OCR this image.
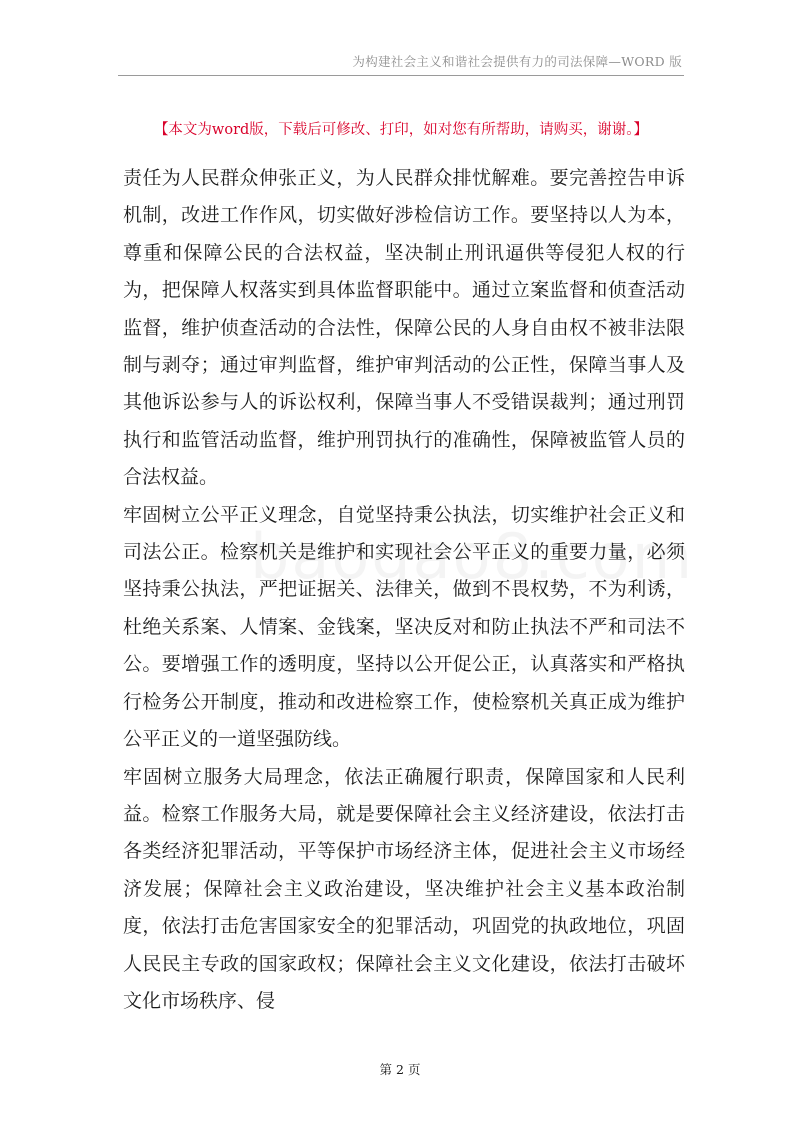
为构建社会主义和谐社会提供有力的司法保障—WORD 版
【本文为word版，下载后可修改、打印，如对您有所帮助，请购买，谢谢。】

责任为人民群众伸张正义，为人民群众排忧解难。要完善控告申诉机制，改进工作作风，切实做好涉检信访工作。要坚持以人为本，尊重和保障公民的合法权益，坚决制止刑讯逼供等侵犯人权的行为，把保障人权落实到具体监督职能中。通过立案监督和侦查活动监督，维护侦查活动的合法性，保障公民的人身自由权不被非法限制与剥夺；通过审判监督，维护审判活动的公正性，保障当事人及其他诉讼参与人的诉讼权利，保障当事人不受错误裁判；通过刑罚执行和监管活动监督，维护刑罚执行的准确性，保障被监管人员的合法权益。

牢固树立公平正义理念，自觉坚持秉公执法，切实维护社会正义和司法公正。检察机关是维护和实现社会公平正义的重要力量，必须坚持秉公执法，严把证据关、法律关，做到不畏权势，不为利诱，杜绝关系案、人情案、金钱案，坚决反对和防止执法不严和司法不公。要增强工作的透明度，坚持以公开促公正，认真落实和严格执行检务公开制度，推动和改进检察工作，使检察机关真正成为维护公平正义的一道坚强防线。

牢固树立服务大局理念，依法正确履行职责，保障国家和人民利益。检察工作服务大局，就是要保障社会主义经济建设，依法打击各类经济犯罪活动，平等保护市场经济主体，促进社会主义市场经济发展；保障社会主义政治建设，坚决维护社会主义基本政治制度，依法打击危害国家安全的犯罪活动，巩固党的执政地位，巩固人民民主专政的国家政权；保障社会主义文化建设，依法打击破坏文化市场秩序、侵

第 2 页
